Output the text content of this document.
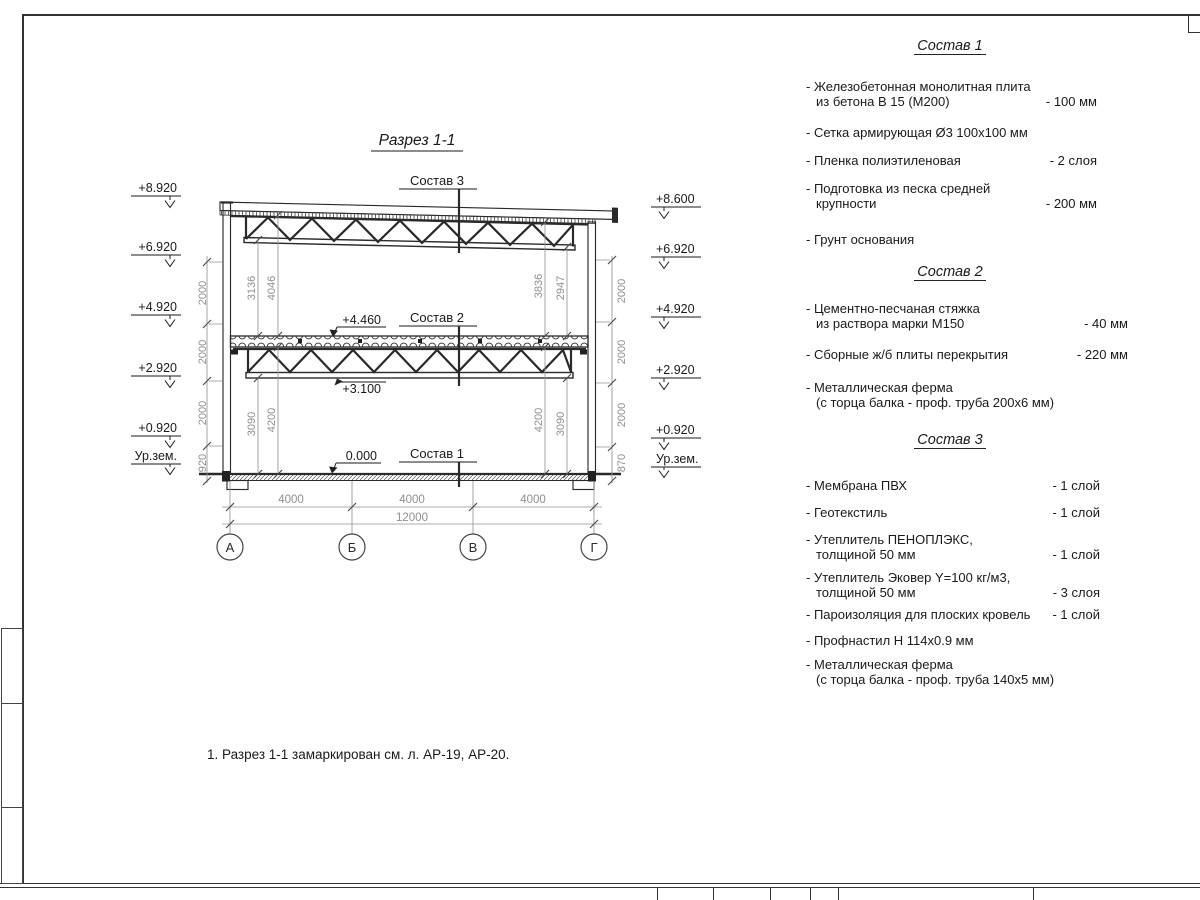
Разрез 1-1
Состав 3
Состав 2
Состав 1
+4.460
+3.100
0.000
+8.920
+6.920
+4.920
+2.920
+0.920
Ур.зем.
+8.600
+6.920
+4.920
+2.920
+0.920
Ур.зем.
2000
2000
2000
920
2000
2000
2000
870
3136 4046
3090 4200
3836 2947
4200 3090
4000	4000	4000
12000
А	Б	В	Г
Состав 1
Состав 2
Состав 3
- Железобетонная монолитная плита
из бетона В 15 (М200)	- 100 мм
- Сетка армирующая Ø3 100х100 мм
- Пленка полиэтиленовая	- 2 слоя
- Подготовка из песка средней
крупности	- 200 мм
- Грунт основания
- Цементно-песчаная стяжка
из раствора марки М150	- 40 мм
- Сборные ж/б плиты перекрытия	- 220 мм
- Металлическая ферма
(с торца балка - проф. труба 200х6 мм)
- Мембрана ПВХ	- 1 слой
- Геотекстиль	- 1 слой
- Утеплитель ПЕНОПЛЭКС,
толщиной 50 мм	- 1 слой
- Утеплитель Эковер Y=100 кг/м3,
толщиной 50 мм	- 3 слоя
- Пароизоляция для плоских кровель	- 1 слой
- Профнастил Н 114х0.9 мм
- Металлическая ферма
(с торца балка - проф. труба 140х5 мм)
1. Разрез 1-1 замаркирован см. л. АР-19, АР-20.
